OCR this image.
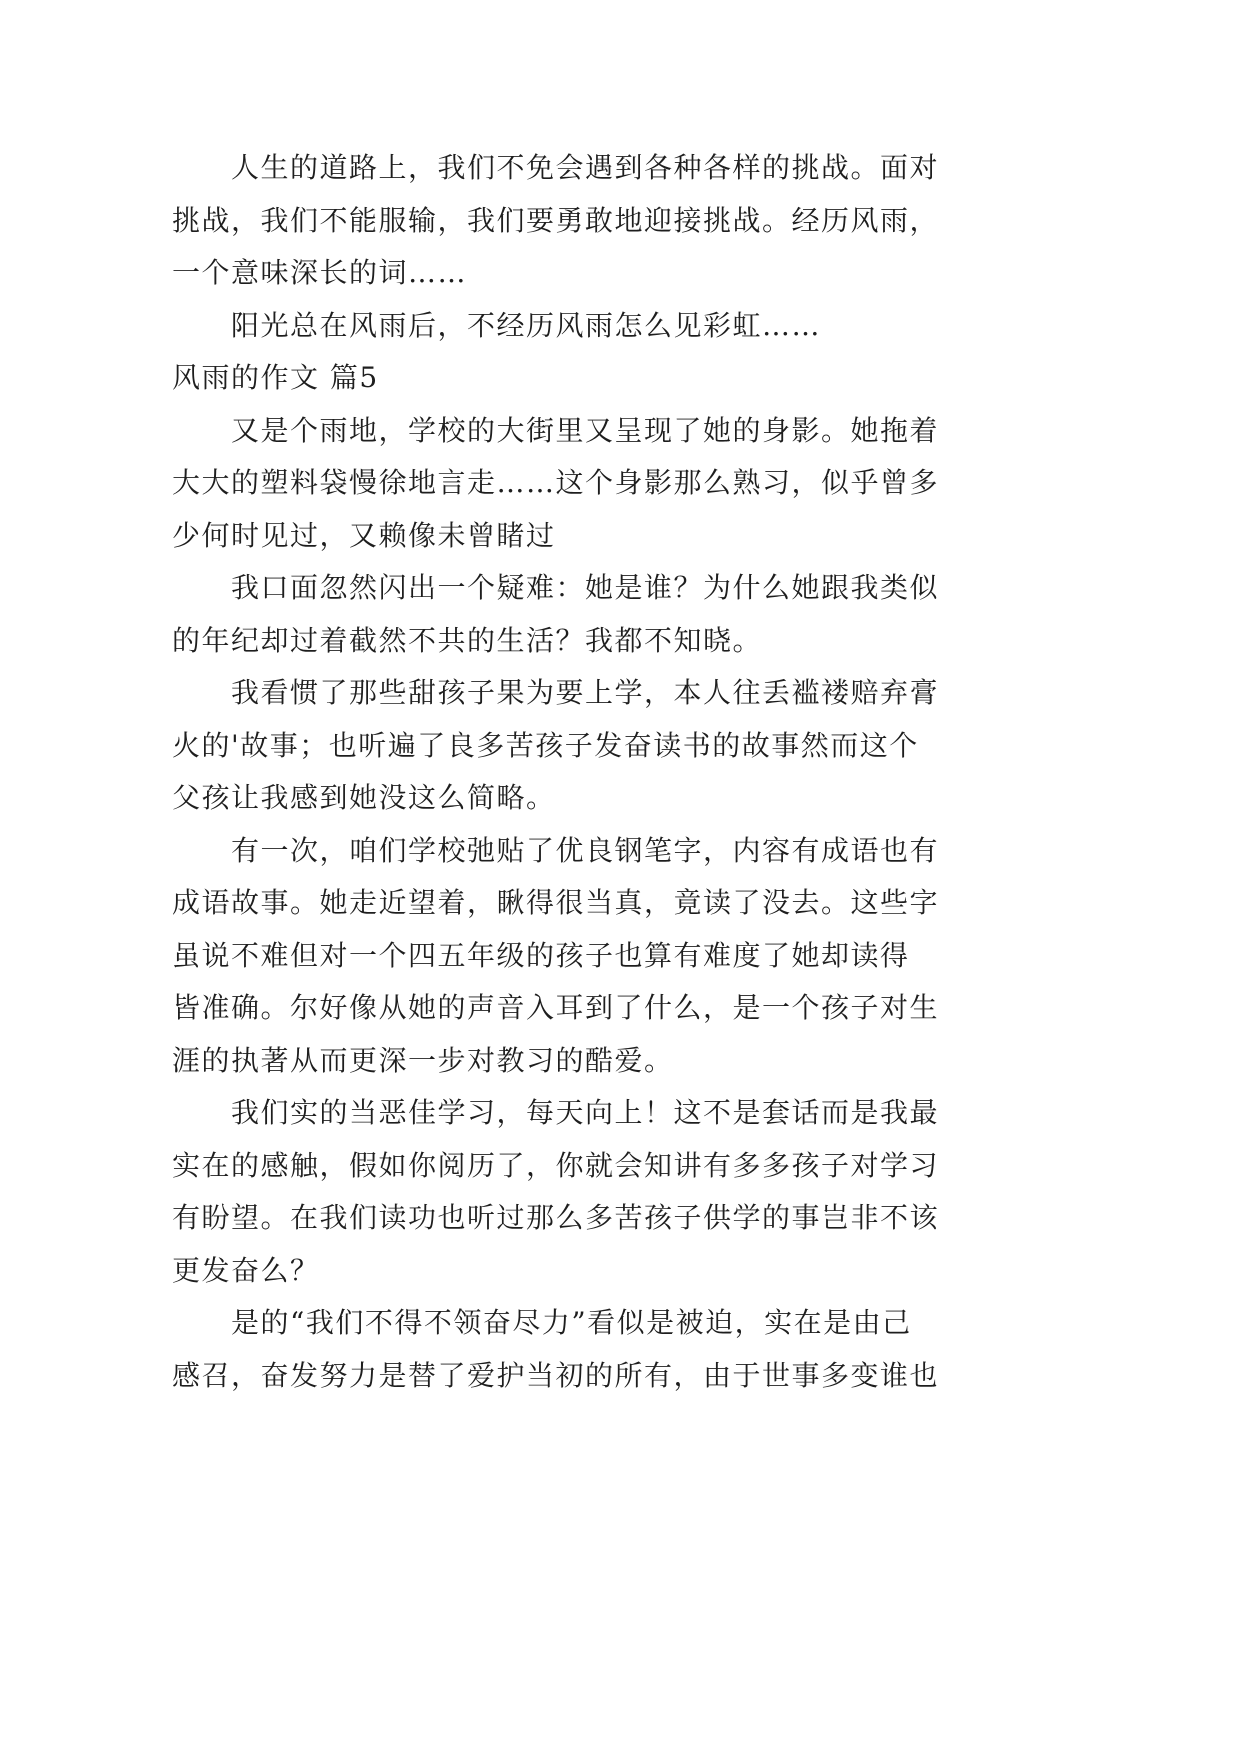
人生的道路上，我们不免会遇到各种各样的挑战。面对
挑战，我们不能服输，我们要勇敢地迎接挑战。经历风雨，
一个意味深长的词……
阳光总在风雨后，不经历风雨怎么见彩虹……
风雨的作文 篇5
又是个雨地，学校的大街里又呈现了她的身影。她拖着
大大的塑料袋慢徐地言走……这个身影那么熟习，似乎曾多
少何时见过，又赖像未曾睹过
我口面忽然闪出一个疑难：她是谁？为什么她跟我类似
的年纪却过着截然不共的生活？我都不知晓。
我看惯了那些甜孩子果为要上学，本人往丢褴褛赔弃膏
火的'故事；也听遍了良多苦孩子发奋读书的故事然而这个
父孩让我感到她没这么简略。
有一次，咱们学校弛贴了优良钢笔字，内容有成语也有
成语故事。她走近望着，瞅得很当真，竟读了没去。这些字
虽说不难但对一个四五年级的孩子也算有难度了她却读得
皆准确。尔好像从她的声音入耳到了什么，是一个孩子对生
涯的执著从而更深一步对教习的酷爱。
我们实的当恶佳学习，每天向上！这不是套话而是我最
实在的感触，假如你阅历了，你就会知讲有多多孩子对学习
有盼望。在我们读功也听过那么多苦孩子供学的事岂非不该
更发奋么？
是的“我们不得不领奋尽力”看似是被迫，实在是由己
感召，奋发努力是替了爱护当初的所有，由于世事多变谁也
